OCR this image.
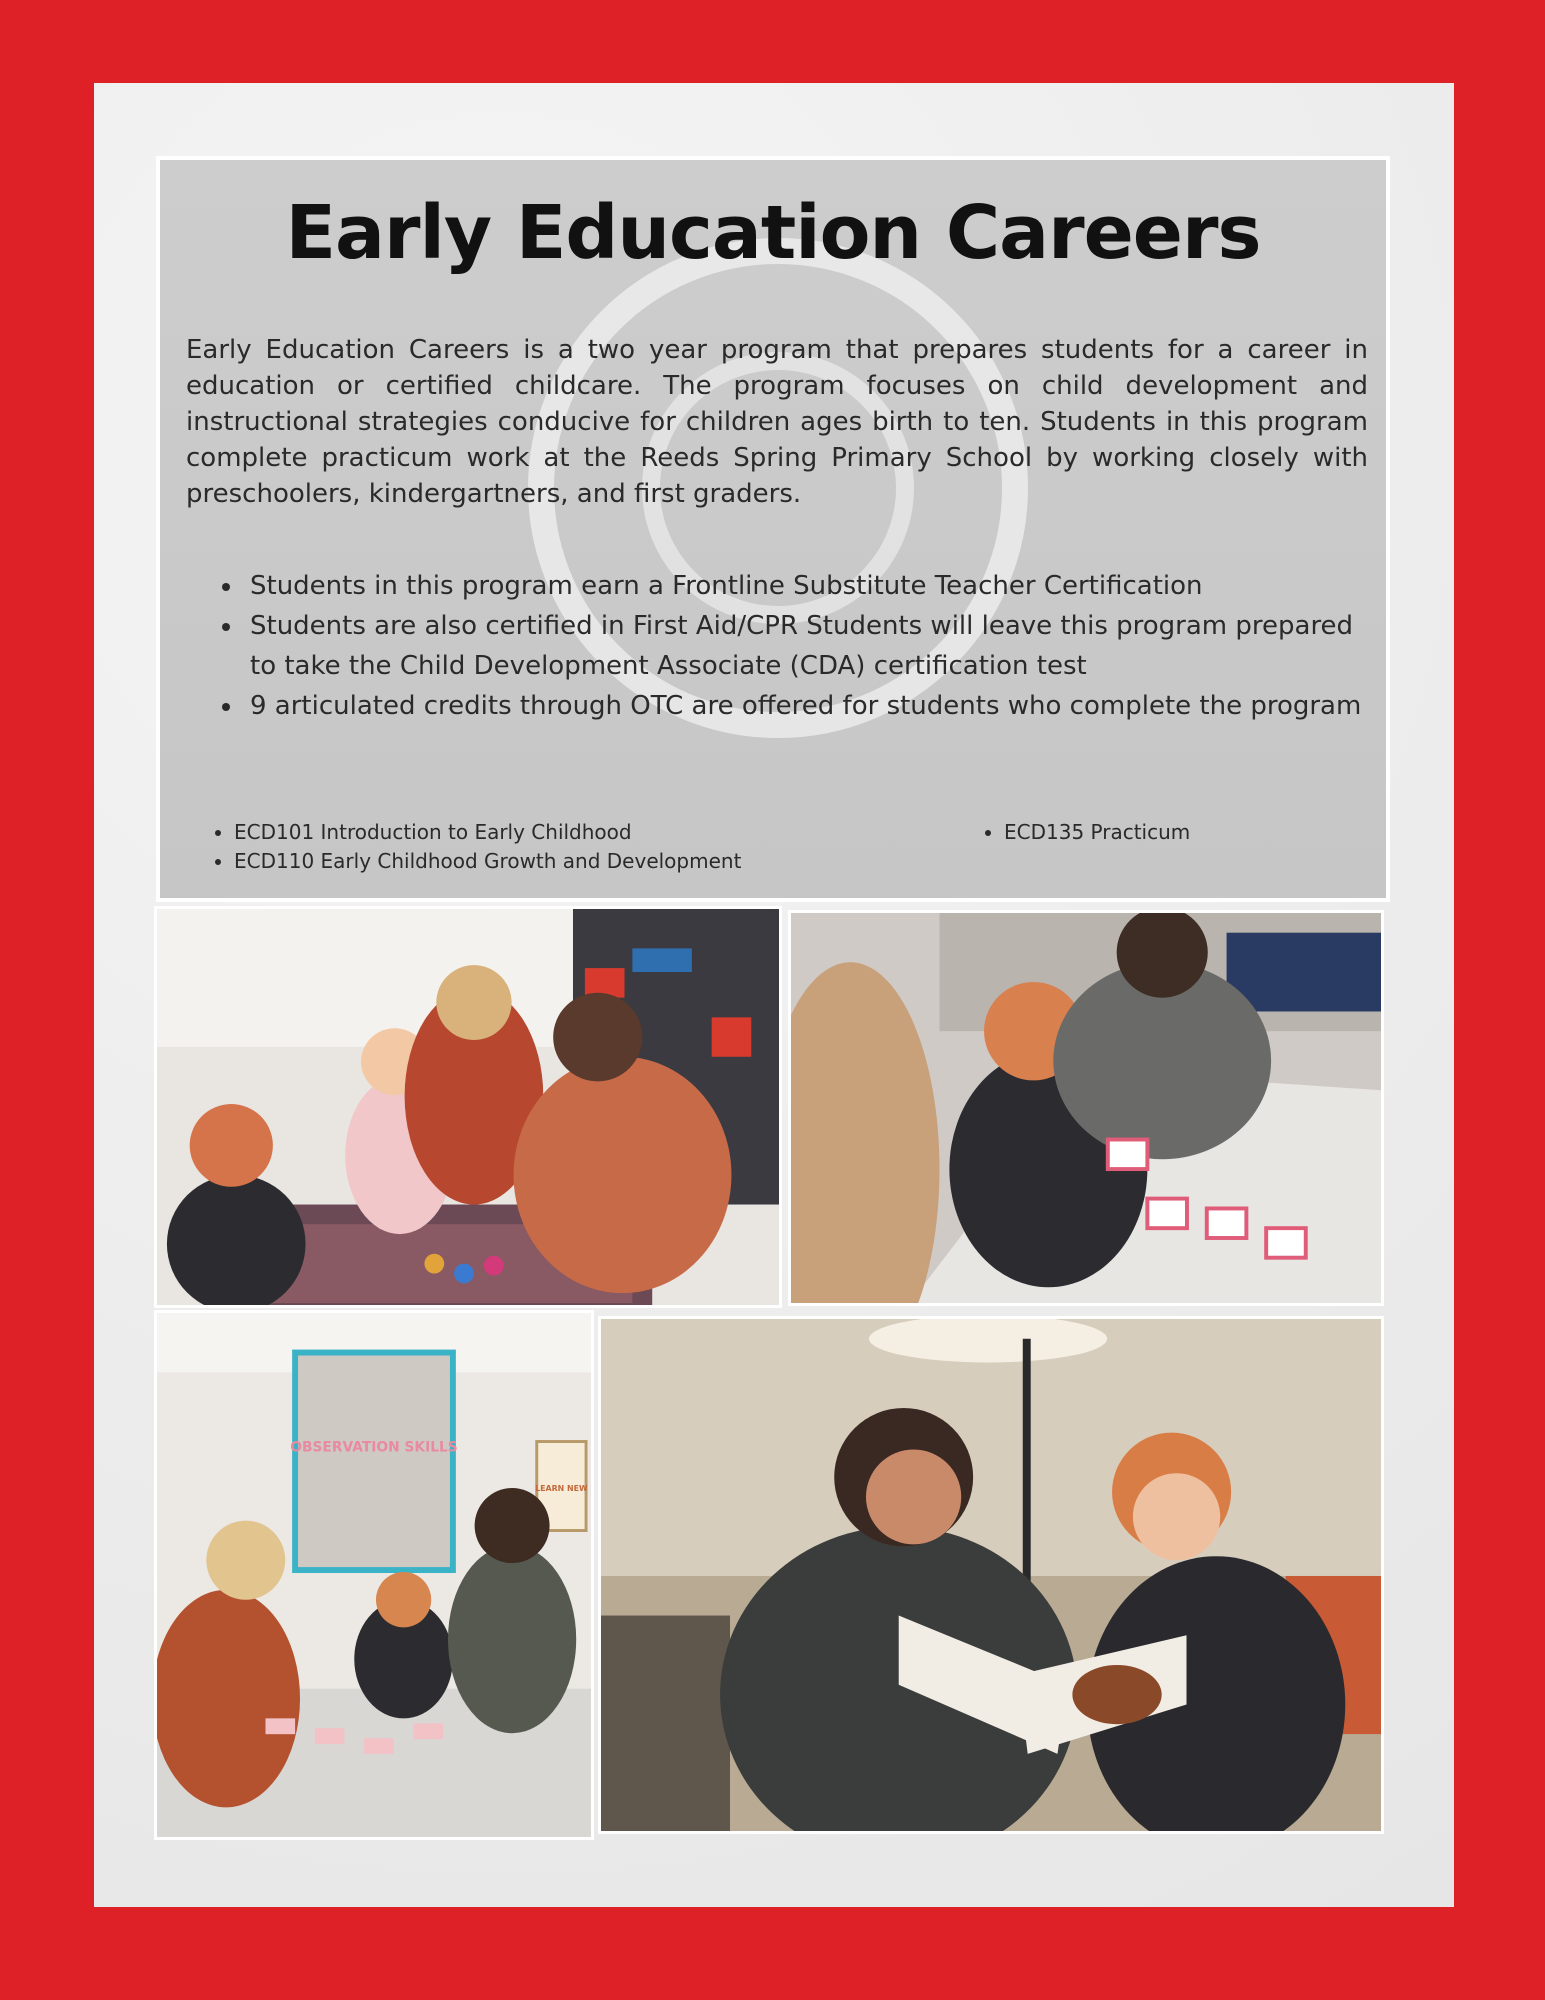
Early Education Careers

Early Education Careers is a two year program that prepares students for a career in education or certified childcare. The program focuses on child development and instructional strategies conducive for children ages birth to ten. Students in this program complete practicum work at the Reeds Spring Primary School by working closely with preschoolers, kindergartners, and first graders.

• Students in this program earn a Frontline Substitute Teacher Certification
• Students are also certified in First Aid/CPR Students will leave this program prepared to take the Child Development Associate (CDA) certification test
• 9 articulated credits through OTC are offered for students who complete the program
• ECD101 Introduction to Early Childhood
• ECD110 Early Childhood Growth and Development
• ECD135 Practicum
OBSERVATION SKILLS
LEARN NEW
